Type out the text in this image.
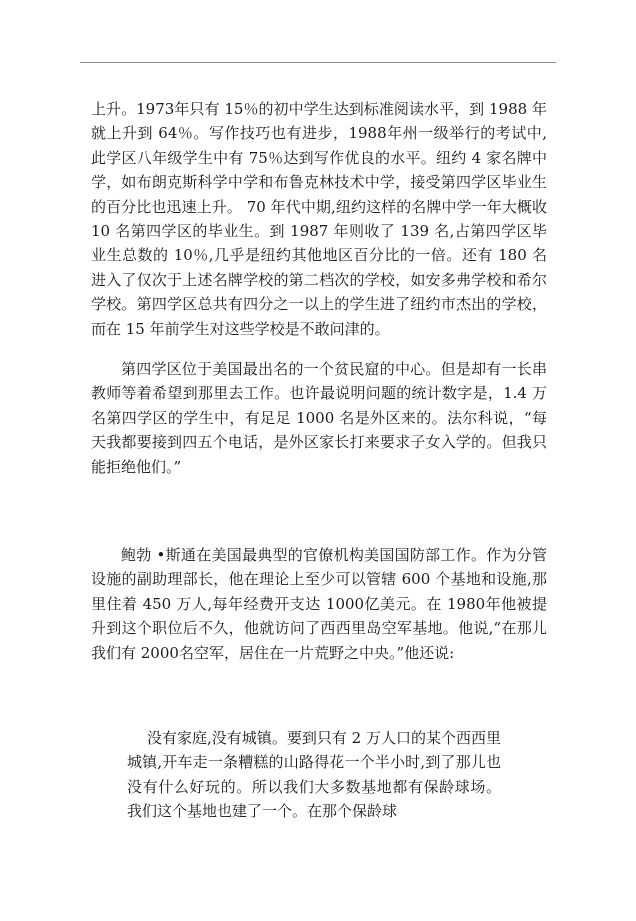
上升。1973年只有 15％的初中学生达到标准阅读水平，到 1988 年就上升到 64％。写作技巧也有进步，1988年州一级举行的考试中,此学区八年级学生中有 75％达到写作优良的水平。纽约 4 家名牌中学，如布朗克斯科学中学和布鲁克林技术中学，接受第四学区毕业生的百分比也迅速上升。 70 年代中期,纽约这样的名牌中学一年大概收 10 名第四学区的毕业生。到 1987 年则收了 139 名,占第四学区毕业生总数的 10％,几乎是纽约其他地区百分比的一倍。还有 180 名进入了仅次于上述名牌学校的第二档次的学校，如安多弗学校和希尔学校。第四学区总共有四分之一以上的学生进了纽约市杰出的学校，而在 15 年前学生对这些学校是不敢问津的。

第四学区位于美国最出名的一个贫民窟的中心。但是却有一长串教师等着希望到那里去工作。也许最说明问题的统计数字是，1.4 万名第四学区的学生中，有足足 1000 名是外区来的。法尔科说，“每天我都要接到四五个电话，是外区家长打来要求子女入学的。但我只能拒绝他们。”

鲍勃 •斯通在美国最典型的官僚机构美国国防部工作。作为分管设施的副助理部长，他在理论上至少可以管辖 600 个基地和设施,那里住着 450 万人,每年经费开支达 1000亿美元。在 1980年他被提升到这个职位后不久，他就访问了西西里岛空军基地。他说,“在那儿我们有 2000名空军，居住在一片荒野之中央。”他还说:

没有家庭,没有城镇。要到只有 2 万人口的某个西西里城镇,开车走一条糟糕的山路得花一个半小时,到了那儿也没有什么好玩的。所以我们大多数基地都有保龄球场。我们这个基地也建了一个。在那个保龄球
